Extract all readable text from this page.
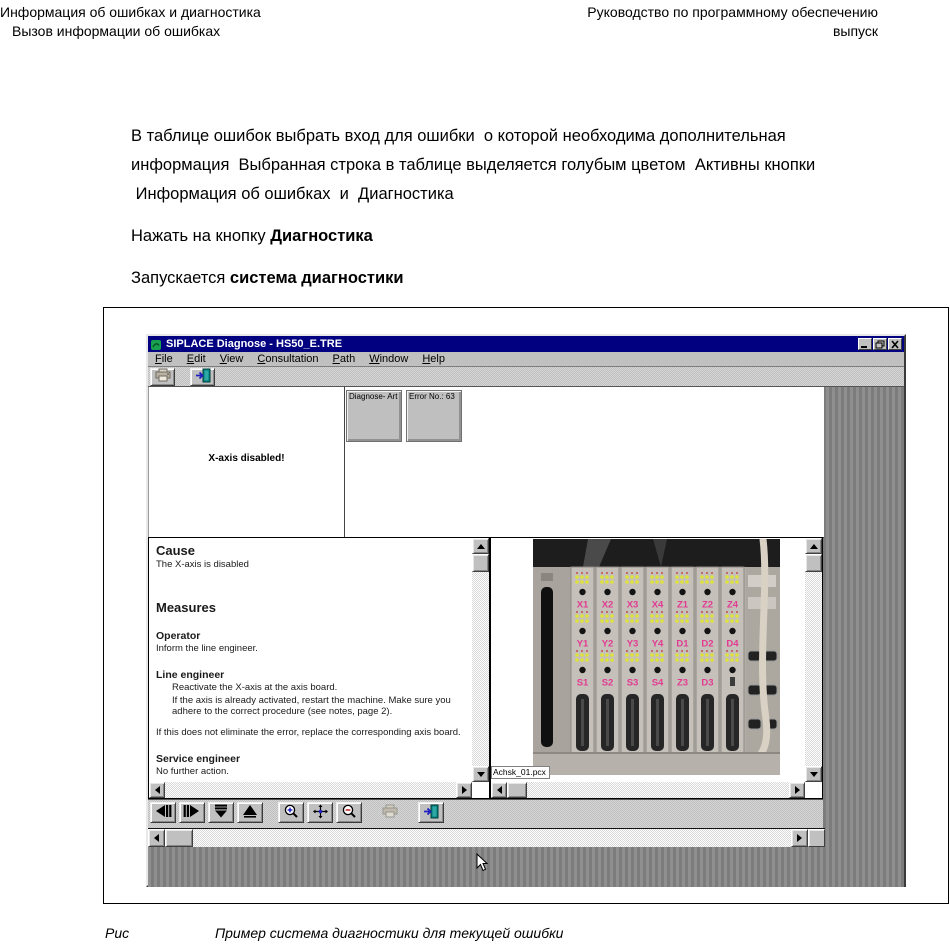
Информация об ошибках и диагностика
Вызов информации об ошибках
Руководство по программному обеспечению
выпуск
В таблице ошибок выбрать вход для ошибки  о которой необходима дополнительная информация  Выбранная строка в таблице выделяется голубым цветом  Активны кнопки
Информация об ошибках  и  Диагностика
Нажать на кнопку Диагностика
Запускается система диагностики
SIPLACE Diagnose - HS50_E.TRE
File	Edit	View	Consultation	Path	Window	Help
X-axis disabled!
Diagnose- Art	Error No.: 63
Cause
The X-axis is disabled
Measures
Operator
Inform the line engineer.
Line engineer
Reactivate the X-axis at the axis board.
If the axis is already activated, restart the machine. Make sure you adhere to the correct procedure (see notes, page 2).
If this does not eliminate the error, replace the corresponding axis board.
Service engineer
No further action.
X1
Y1
S1
X2
Y2
S2
X3
Y3
S3
X4
Y4
S4
Z1
D1
Z3
Z2
D2
D3
Z4
D4
Achsk_01.pcx
Рис	Пример система диагностики для текущей ошибки
